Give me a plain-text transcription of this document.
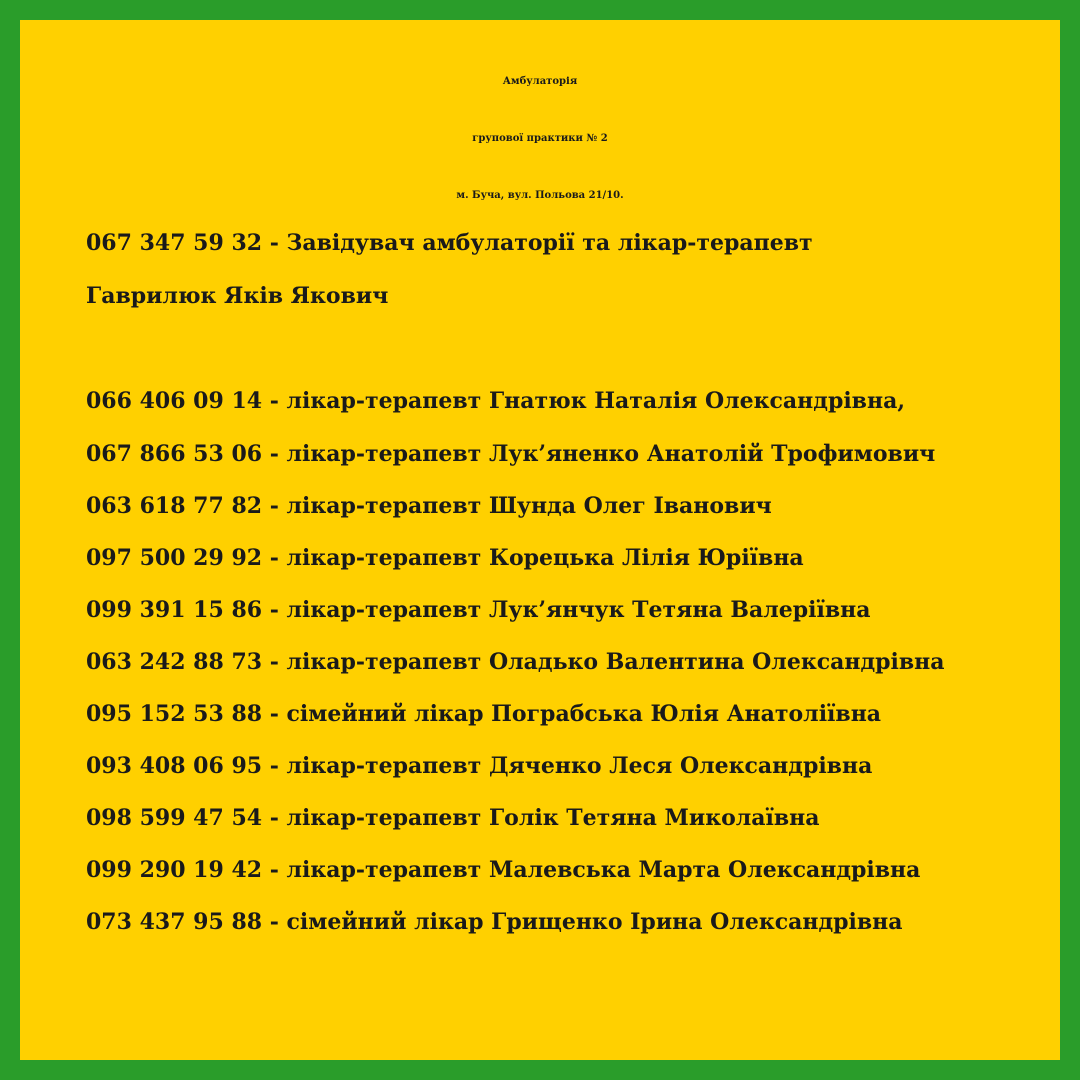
Амбулаторія
групової практики № 2
м. Буча, вул. Польова 21/10.
067 347 59 32 - Завідувач амбулаторії та лікар-терапевт
Гаврилюк Яків Якович
066 406 09 14 - лікар-терапевт Гнатюк Наталія Олександрівна,
067 866 53 06 - лікар-терапевт Лук’яненко Анатолій Трофимович
063 618 77 82 - лікар-терапевт Шунда Олег Іванович
097 500 29 92 - лікар-терапевт Корецька Лілія Юріївна
099 391 15 86 - лікар-терапевт Лук’янчук Тетяна Валеріївна
063 242 88 73 - лікар-терапевт Оладько Валентина Олександрівна
095 152 53 88 - сімейний лікар Пограбська Юлія Анатоліївна
093 408 06 95 - лікар-терапевт Дяченко Леся Олександрівна
098 599 47 54 - лікар-терапевт Голік Тетяна Миколаївна
099 290 19 42 - лікар-терапевт Малевська Марта Олександрівна
073 437 95 88 - сімейний лікар Грищенко Ірина Олександрівна
